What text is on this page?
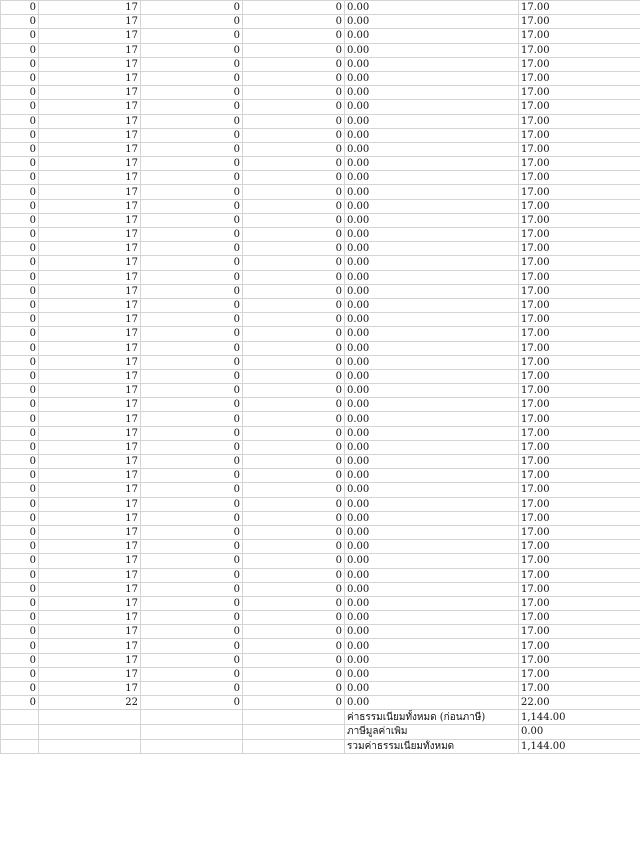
0	17	0	0	0.00	17.00
0	17	0	0	0.00	17.00
0	17	0	0	0.00	17.00
0	17	0	0	0.00	17.00
0	17	0	0	0.00	17.00
0	17	0	0	0.00	17.00
0	17	0	0	0.00	17.00
0	17	0	0	0.00	17.00
0	17	0	0	0.00	17.00
0	17	0	0	0.00	17.00
0	17	0	0	0.00	17.00
0	17	0	0	0.00	17.00
0	17	0	0	0.00	17.00
0	17	0	0	0.00	17.00
0	17	0	0	0.00	17.00
0	17	0	0	0.00	17.00
0	17	0	0	0.00	17.00
0	17	0	0	0.00	17.00
0	17	0	0	0.00	17.00
0	17	0	0	0.00	17.00
0	17	0	0	0.00	17.00
0	17	0	0	0.00	17.00
0	17	0	0	0.00	17.00
0	17	0	0	0.00	17.00
0	17	0	0	0.00	17.00
0	17	0	0	0.00	17.00
0	17	0	0	0.00	17.00
0	17	0	0	0.00	17.00
0	17	0	0	0.00	17.00
0	17	0	0	0.00	17.00
0	17	0	0	0.00	17.00
0	17	0	0	0.00	17.00
0	17	0	0	0.00	17.00
0	17	0	0	0.00	17.00
0	17	0	0	0.00	17.00
0	17	0	0	0.00	17.00
0	17	0	0	0.00	17.00
0	17	0	0	0.00	17.00
0	17	0	0	0.00	17.00
0	17	0	0	0.00	17.00
0	17	0	0	0.00	17.00
0	17	0	0	0.00	17.00
0	17	0	0	0.00	17.00
0	17	0	0	0.00	17.00
0	17	0	0	0.00	17.00
0	17	0	0	0.00	17.00
0	17	0	0	0.00	17.00
0	17	0	0	0.00	17.00
0	17	0	0	0.00	17.00
0	22	0	0	0.00	22.00
				ค่าธรรมเนียมทั้งหมด (ก่อนภาษี)	1,144.00
				ภาษีมูลค่าเพิ่ม	0.00
				รวมค่าธรรมเนียมทั้งหมด	1,144.00
